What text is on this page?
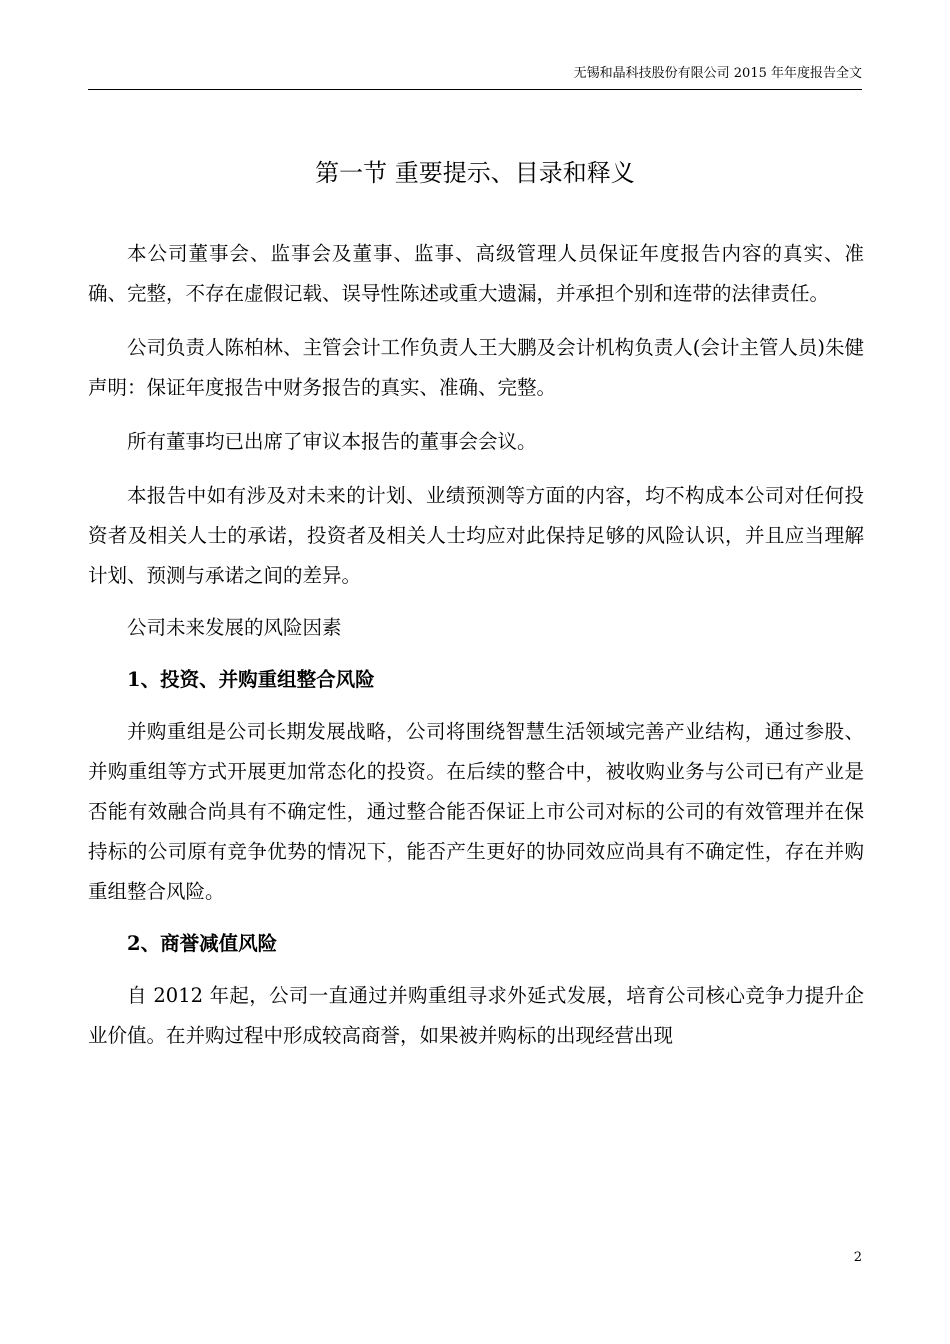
无锡和晶科技股份有限公司 2015 年年度报告全文
第一节 重要提示、目录和释义

本公司董事会、监事会及董事、监事、高级管理人员保证年度报告内容的真实、准确、完整，不存在虚假记载、误导性陈述或重大遗漏，并承担个别和连带的法律责任。

公司负责人陈柏林、主管会计工作负责人王大鹏及会计机构负责人(会计主管人员)朱健声明：保证年度报告中财务报告的真实、准确、完整。

所有董事均已出席了审议本报告的董事会会议。

本报告中如有涉及对未来的计划、业绩预测等方面的内容，均不构成本公司对任何投资者及相关人士的承诺，投资者及相关人士均应对此保持足够的风险认识，并且应当理解计划、预测与承诺之间的差异。

公司未来发展的风险因素

1、投资、并购重组整合风险

并购重组是公司长期发展战略，公司将围绕智慧生活领域完善产业结构，通过参股、并购重组等方式开展更加常态化的投资。在后续的整合中，被收购业务与公司已有产业是否能有效融合尚具有不确定性，通过整合能否保证上市公司对标的公司的有效管理并在保持标的公司原有竞争优势的情况下，能否产生更好的协同效应尚具有不确定性，存在并购重组整合风险。

2、商誉减值风险

自 2012 年起，公司一直通过并购重组寻求外延式发展，培育公司核心竞争力提升企业价值。在并购过程中形成较高商誉，如果被并购标的出现经营出现

2
